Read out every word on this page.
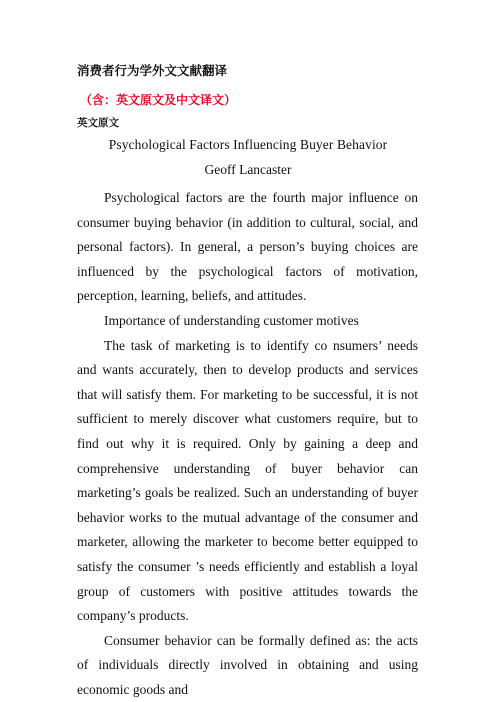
消费者行为学外文文献翻译
（含：英文原文及中文译文）
英文原文
Psychological Factors Influencing Buyer Behavior
Geoff Lancaster

Psychological factors are the fourth major influence on consumer buying behavior (in addition to cultural, social, and personal factors). In general, a person’s buying choices are influenced by the psychological factors of motivation, perception, learning, beliefs, and attitudes.

Importance of understanding customer motives

The task of marketing is to identify co nsumers’ needs and wants accurately, then to develop products and services that will satisfy them. For marketing to be successful, it is not sufficient to merely discover what customers require, but to find out why it is required. Only by gaining a deep and comprehensive understanding of buyer behavior can marketing’s goals be realized. Such an understanding of buyer behavior works to the mutual advantage of the consumer and marketer, allowing the marketer to become better equipped to satisfy the consumer ’s needs efficiently and establish a loyal group of customers with positive attitudes towards the company’s products.

Consumer behavior can be formally defined as: the acts of individuals directly involved in obtaining and using economic goods and
